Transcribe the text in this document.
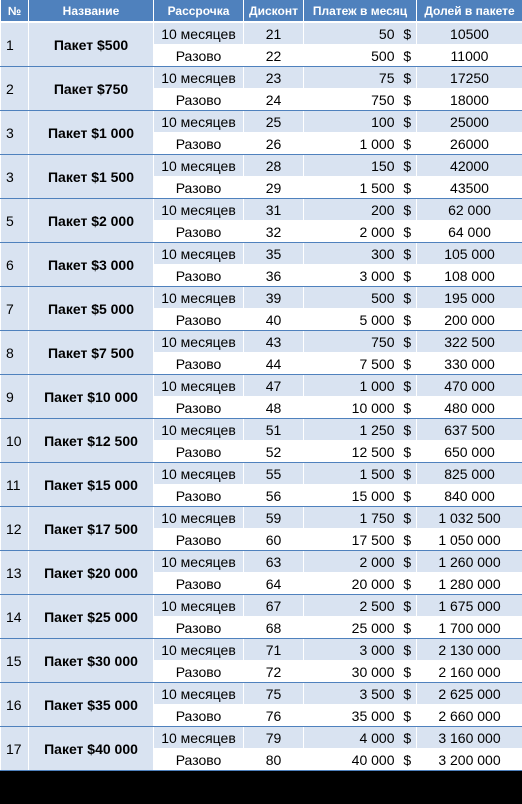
№	Название	Рассрочка	Дисконт	Платеж в месяц		Долей в пакете
1	Пакет $500	10 месяцев	21	50	$	10500
		Разово	22	500	$	11000
2	Пакет $750	10 месяцев	23	75	$	17250
		Разово	24	750	$	18000
3	Пакет $1 000	10 месяцев	25	100	$	25000
		Разово	26	1 000	$	26000
3	Пакет $1 500	10 месяцев	28	150	$	42000
		Разово	29	1 500	$	43500
5	Пакет $2 000	10 месяцев	31	200	$	62 000
		Разово	32	2 000	$	64 000
6	Пакет $3 000	10 месяцев	35	300	$	105 000
		Разово	36	3 000	$	108 000
7	Пакет $5 000	10 месяцев	39	500	$	195 000
		Разово	40	5 000	$	200 000
8	Пакет $7 500	10 месяцев	43	750	$	322 500
		Разово	44	7 500	$	330 000
9	Пакет $10 000	10 месяцев	47	1 000	$	470 000
		Разово	48	10 000	$	480 000
10	Пакет $12 500	10 месяцев	51	1 250	$	637 500
		Разово	52	12 500	$	650 000
11	Пакет $15 000	10 месяцев	55	1 500	$	825 000
		Разово	56	15 000	$	840 000
12	Пакет $17 500	10 месяцев	59	1 750	$	1 032 500
		Разово	60	17 500	$	1 050 000
13	Пакет $20 000	10 месяцев	63	2 000	$	1 260 000
		Разово	64	20 000	$	1 280 000
14	Пакет $25 000	10 месяцев	67	2 500	$	1 675 000
		Разово	68	25 000	$	1 700 000
15	Пакет $30 000	10 месяцев	71	3 000	$	2 130 000
		Разово	72	30 000	$	2 160 000
16	Пакет $35 000	10 месяцев	75	3 500	$	2 625 000
		Разово	76	35 000	$	2 660 000
17	Пакет $40 000	10 месяцев	79	4 000	$	3 160 000
		Разово	80	40 000	$	3 200 000
